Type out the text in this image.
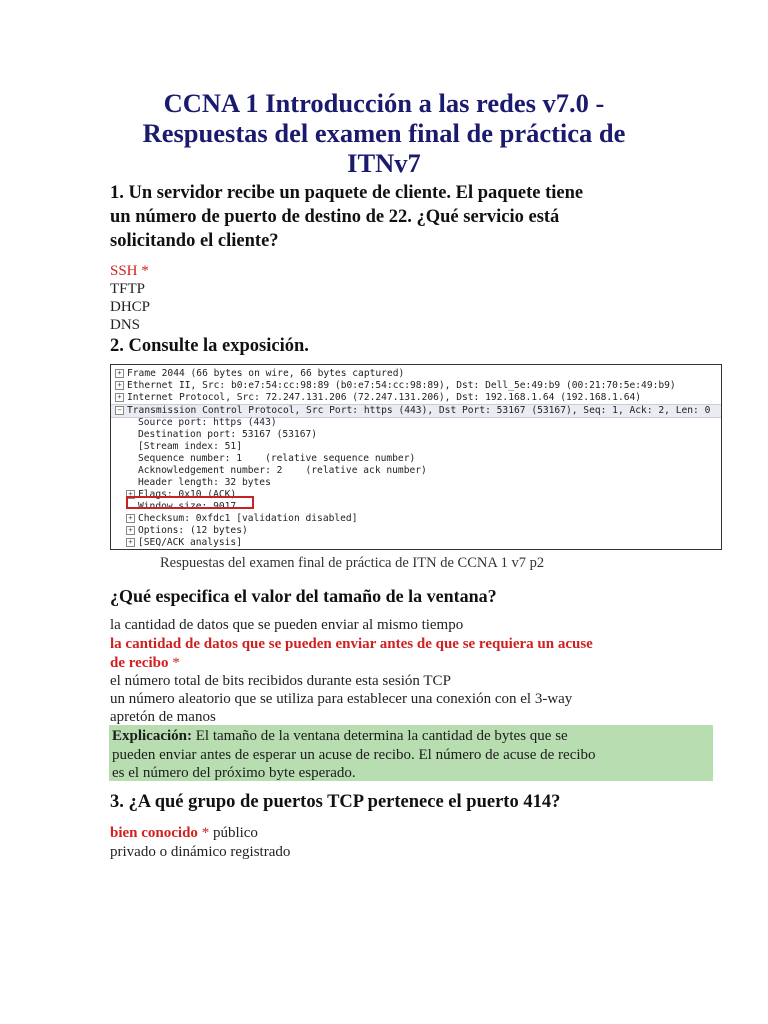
CCNA 1 Introducción a las redes v7.0 -
Respuestas del examen final de práctica de
ITNv7
1. Un servidor recibe un paquete de cliente. El paquete tiene
un número de puerto de destino de 22. ¿Qué servicio está
solicitando el cliente?
SSH *
TFTP
DHCP
DNS
2. Consulte la exposición.
+ Frame 2044 (66 bytes on wire, 66 bytes captured)
+ Ethernet II, Src: b0:e7:54:cc:98:89 (b0:e7:54:cc:98:89), Dst: Dell_5e:49:b9 (00:21:70:5e:49:b9)
+ Internet Protocol, Src: 72.247.131.206 (72.247.131.206), Dst: 192.168.1.64 (192.168.1.64)
− Transmission Control Protocol, Src Port: https (443), Dst Port: 53167 (53167), Seq: 1, Ack: 2, Len: 0
Source port: https (443)
Destination port: 53167 (53167)
[Stream index: 51]
Sequence number: 1    (relative sequence number)
Acknowledgement number: 2    (relative ack number)
Header length: 32 bytes
+ Flags: 0x10 (ACK)
Window size: 9017
+ Checksum: 0xfdc1 [validation disabled]
+ Options: (12 bytes)
+ [SEQ/ACK analysis]
Respuestas del examen final de práctica de ITN de CCNA 1 v7 p2
¿Qué especifica el valor del tamaño de la ventana?
la cantidad de datos que se pueden enviar al mismo tiempo
la cantidad de datos que se pueden enviar antes de que se requiera un acuse
de recibo *
el número total de bits recibidos durante esta sesión TCP
un número aleatorio que se utiliza para establecer una conexión con el 3-way
apretón de manos
Explicación: El tamaño de la ventana determina la cantidad de bytes que se
pueden enviar antes de esperar un acuse de recibo. El número de acuse de recibo
es el número del próximo byte esperado.
3. ¿A qué grupo de puertos TCP pertenece el puerto 414?
bien conocido * público
privado o dinámico registrado
